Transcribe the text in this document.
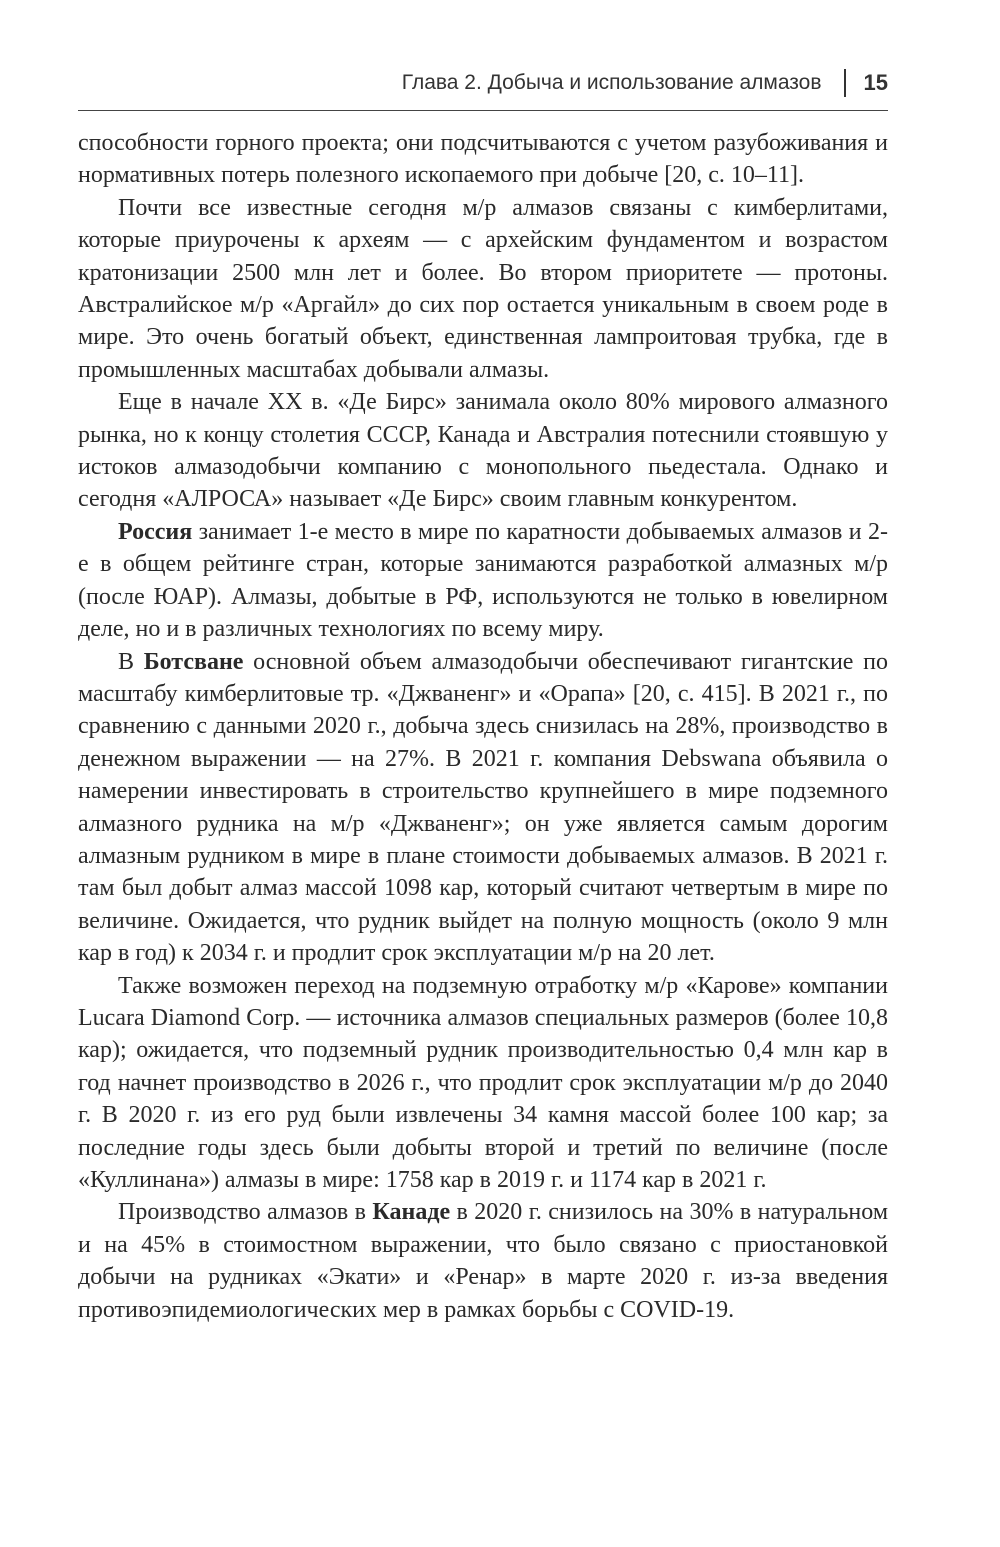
Глава 2. Добыча и использование алмазов 15

способности горного проекта; они подсчитываются с учетом разубоживания и нормативных потерь полезного ископаемого при добыче [20, с. 10–11].

Почти все известные сегодня м/р алмазов связаны с кимберлитами, которые приурочены к археям — с архейским фундаментом и возрастом кратонизации 2500 млн лет и более. Во втором приоритете — протоны. Австралийское м/р «Аргайл» до сих пор остается уникальным в своем роде в мире. Это очень богатый объект, единственная лампроитовая трубка, где в промышленных масштабах добывали алмазы.

Еще в начале XX в. «Де Бирс» занимала около 80% мирового алмазного рынка, но к концу столетия СССР, Канада и Австралия потеснили стоявшую у истоков алмазодобычи компанию с монопольного пьедестала. Однако и сегодня «АЛРОСА» называет «Де Бирс» своим главным конкурентом.

Россия занимает 1-е место в мире по каратности добываемых алмазов и 2-е в общем рейтинге стран, которые занимаются разработкой алмазных м/р (после ЮАР). Алмазы, добытые в РФ, используются не только в ювелирном деле, но и в различных технологиях по всему миру.

В Ботсване основной объем алмазодобычи обеспечивают гигантские по масштабу кимберлитовые тр. «Джваненг» и «Орапа» [20, с. 415]. В 2021 г., по сравнению с данными 2020 г., добыча здесь снизилась на 28%, производство в денежном выражении — на 27%. В 2021 г. компания Debswana объявила о намерении инвестировать в строительство крупнейшего в мире подземного алмазного рудника на м/р «Джваненг»; он уже является самым дорогим алмазным рудником в мире в плане стоимости добываемых алмазов. В 2021 г. там был добыт алмаз массой 1098 кар, который считают четвертым в мире по величине. Ожидается, что рудник выйдет на полную мощность (около 9 млн кар в год) к 2034 г. и продлит срок эксплуатации м/р на 20 лет.

Также возможен переход на подземную отработку м/р «Карове» компании Lucara Diamond Corp. — источника алмазов специальных размеров (более 10,8 кар); ожидается, что подземный рудник производительностью 0,4 млн кар в год начнет производство в 2026 г., что продлит срок эксплуатации м/р до 2040 г. В 2020 г. из его руд были извлечены 34 камня массой более 100 кар; за последние годы здесь были добыты второй и третий по величине (после «Куллинана») алмазы в мире: 1758 кар в 2019 г. и 1174 кар в 2021 г.

Производство алмазов в Канаде в 2020 г. снизилось на 30% в натуральном и на 45% в стоимостном выражении, что было связано с приостановкой добычи на рудниках «Экати» и «Ренар» в марте 2020 г. из-за введения противоэпидемиологических мер в рамках борьбы с COVID-19.
